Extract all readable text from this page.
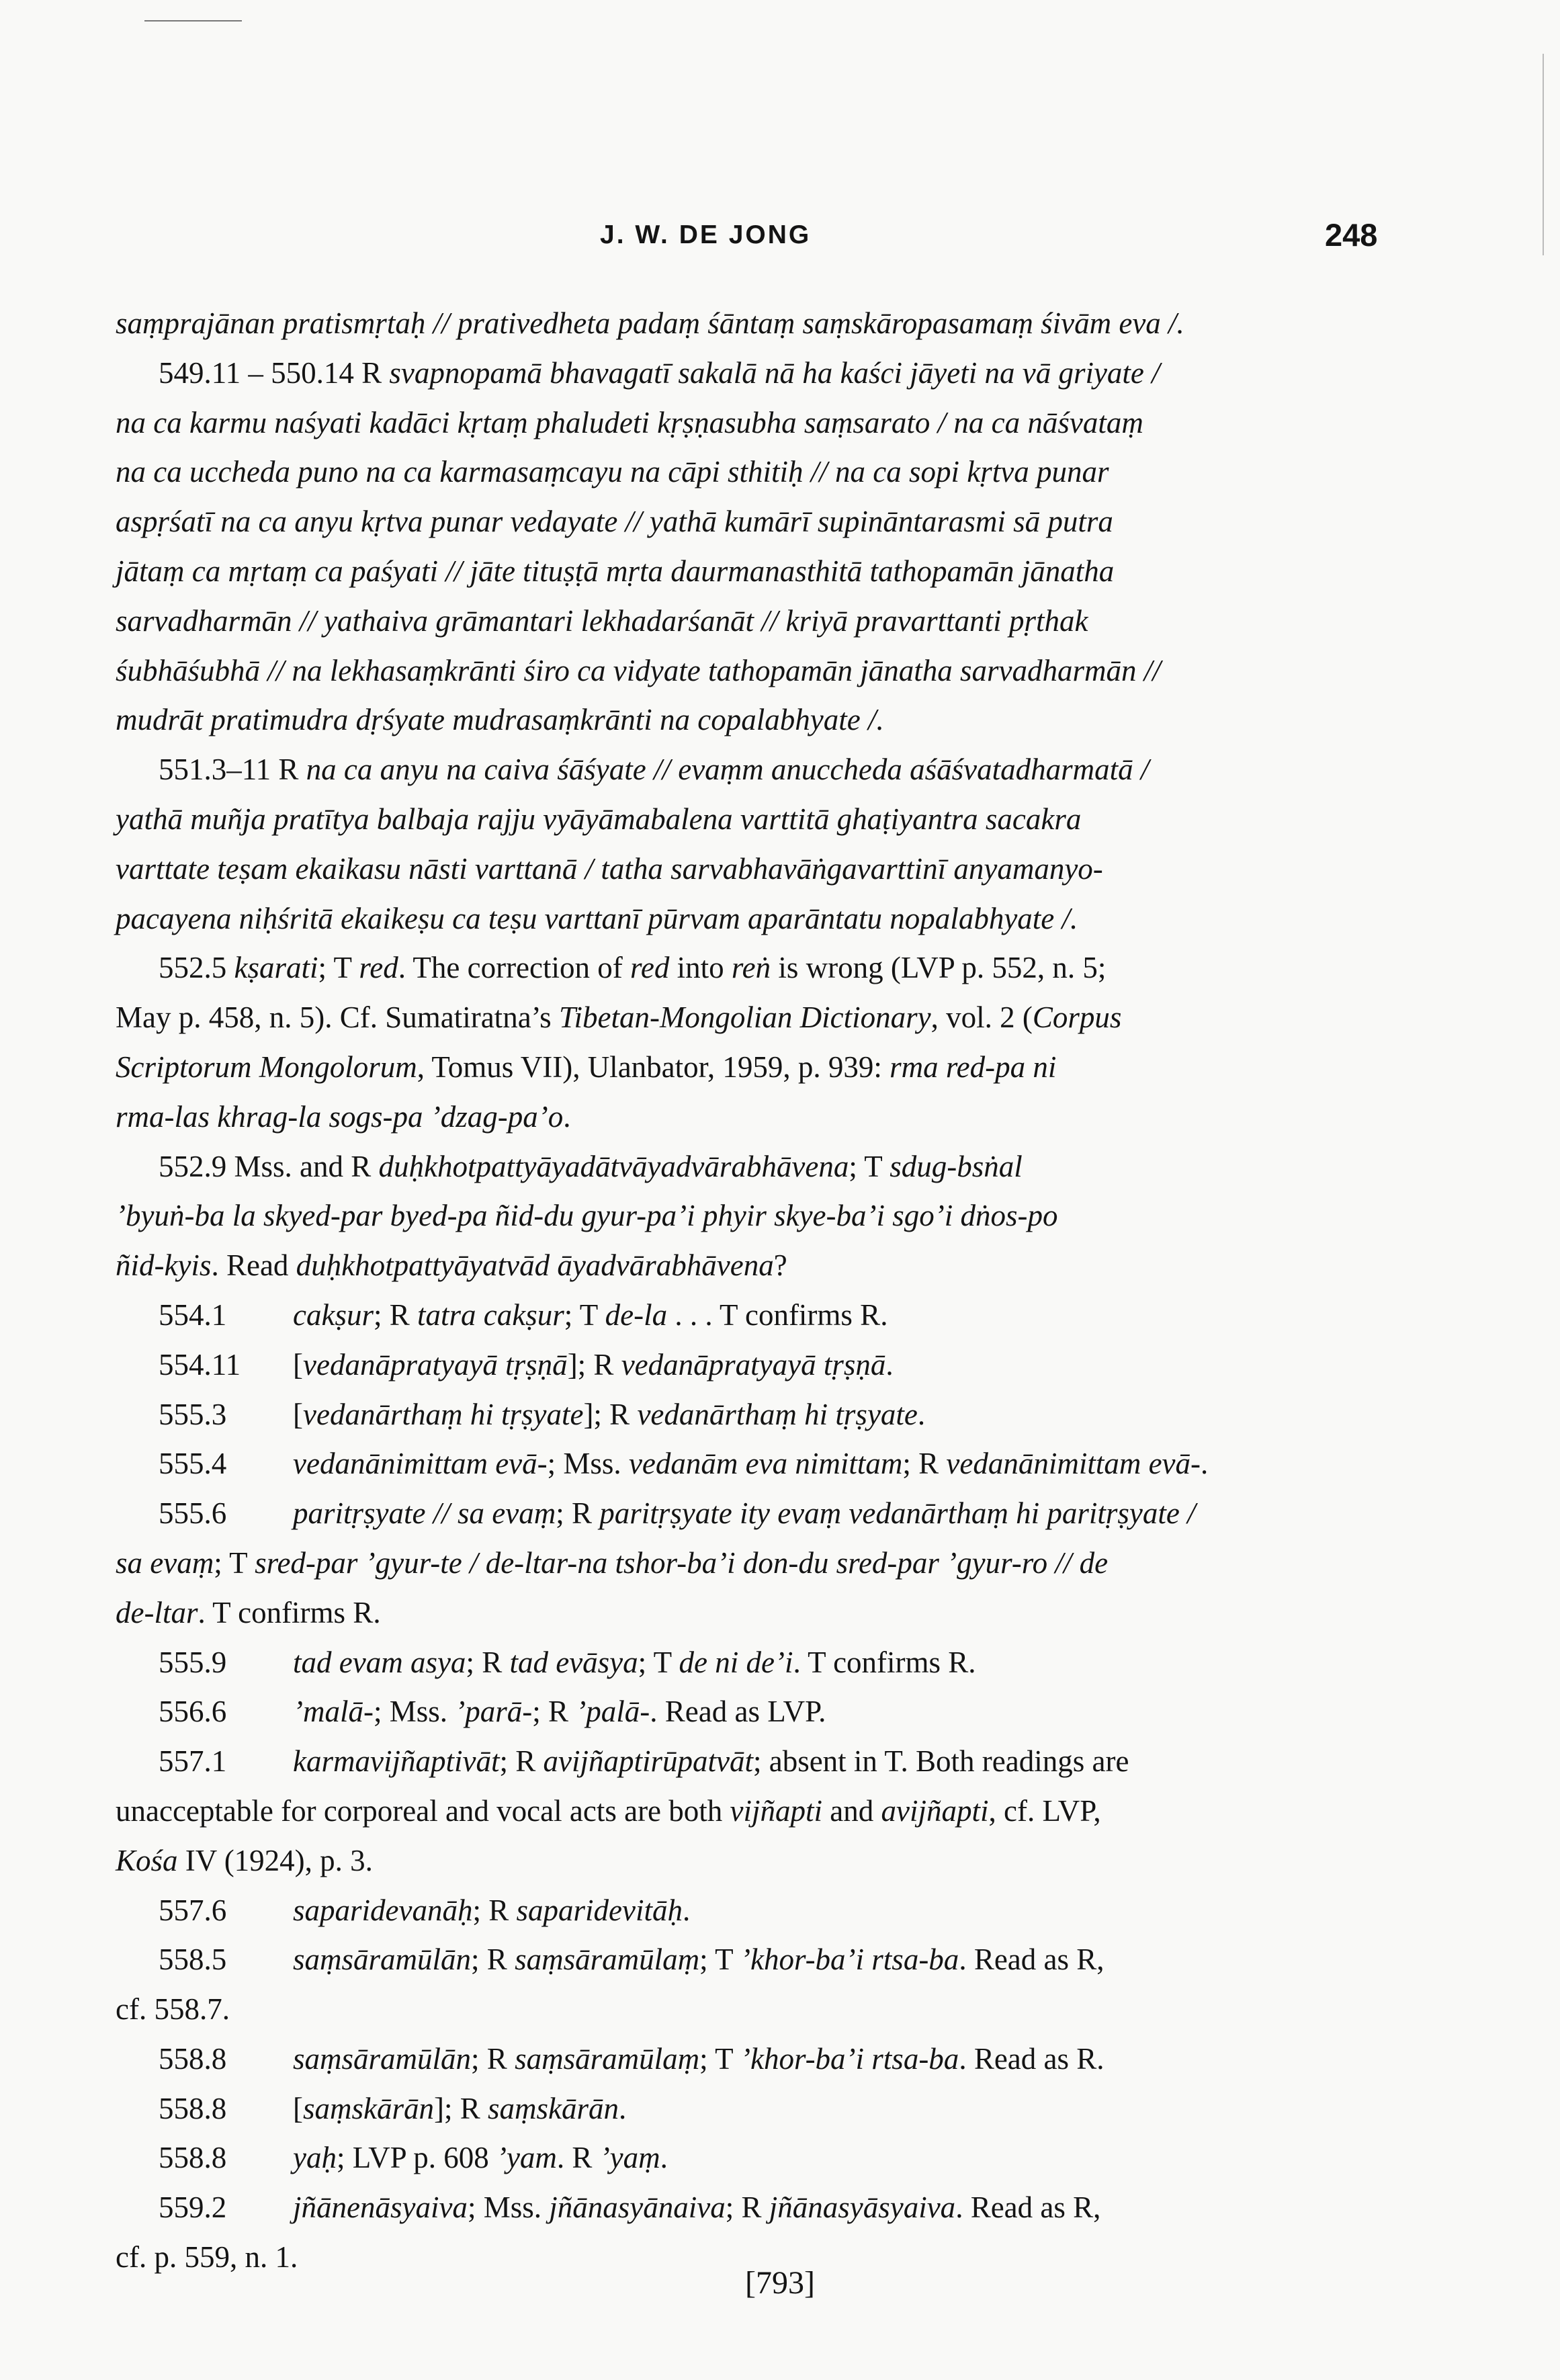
J. W. DE JONG	248
saṃprajānan pratismṛtaḥ // prativedheta padaṃ śāntaṃ saṃskāropasamaṃ śivām eva /.
549.11 – 550.14 R svapnopamā bhavagatī sakalā nā ha kaści jāyeti na vā griyate /
na ca karmu naśyati kadāci kṛtaṃ phaludeti kṛṣṇasubha saṃsarato / na ca nāśvataṃ
na ca uccheda puno na ca karmasaṃcayu na cāpi sthitiḥ // na ca sopi kṛtva punar
aspṛśatī na ca anyu kṛtva punar vedayate // yathā kumārī supināntarasmi sā putra
jātaṃ ca mṛtaṃ ca paśyati // jāte tituṣṭā mṛta daurmanasthitā tathopamān jānatha
sarvadharmān // yathaiva grāmantari lekhadarśanāt // kriyā pravarttanti pṛthak
śubhāśubhā // na lekhasaṃkrānti śiro ca vidyate tathopamān jānatha sarvadharmān //
mudrāt pratimudra dṛśyate mudrasaṃkrānti na copalabhyate /.
551.3–11 R na ca anyu na caiva śāśyate // evaṃm anuccheda aśāśvatadharmatā /
yathā muñja pratītya balbaja rajju vyāyāmabalena varttitā ghaṭiyantra sacakra
varttate teṣam ekaikasu nāsti varttanā / tatha sarvabhavāṅgavarttinī anyamanyo-
pacayena niḥśritā ekaikeṣu ca teṣu varttanī pūrvam aparāntatu nopalabhyate /.
552.5 kṣarati; T red. The correction of red into reṅ is wrong (LVP p. 552, n. 5;
May p. 458, n. 5). Cf. Sumatiratna’s Tibetan-Mongolian Dictionary, vol. 2 (Corpus
Scriptorum Mongolorum, Tomus VII), Ulanbator, 1959, p. 939: rma red-pa ni
rma-las khrag-la sogs-pa ’dzag-pa’o.
552.9 Mss. and R duḥkhotpattyāyadātvāyadvārabhāvena; T sdug-bsṅal
’byuṅ-ba la skyed-par byed-pa ñid-du gyur-pa’i phyir skye-ba’i sgo’i dṅos-po
ñid-kyis. Read duḥkhotpattyāyatvād āyadvārabhāvena?
554.1 cakṣur; R tatra cakṣur; T de-la . . . T confirms R.
554.11 [vedanāpratyayā tṛṣṇā]; R vedanāpratyayā tṛṣṇā.
555.3 [vedanārthaṃ hi tṛṣyate]; R vedanārthaṃ hi tṛṣyate.
555.4 vedanānimittam evā-; Mss. vedanām eva nimittam; R vedanānimittam evā-.
555.6 paritṛṣyate // sa evaṃ; R paritṛṣyate ity evaṃ vedanārthaṃ hi paritṛṣyate /
sa evaṃ; T sred-par ’gyur-te / de-ltar-na tshor-ba’i don-du sred-par ’gyur-ro // de
de-ltar. T confirms R.
555.9 tad evam asya; R tad evāsya; T de ni de’i. T confirms R.
556.6 ’malā-; Mss. ’parā-; R ’palā-. Read as LVP.
557.1 karmavijñaptivāt; R avijñaptirūpatvāt; absent in T. Both readings are
unacceptable for corporeal and vocal acts are both vijñapti and avijñapti, cf. LVP,
Kośa IV (1924), p. 3.
557.6 saparidevanāḥ; R saparidevitāḥ.
558.5 saṃsāramūlān; R saṃsāramūlaṃ; T ’khor-ba’i rtsa-ba. Read as R,
cf. 558.7.
558.8 saṃsāramūlān; R saṃsāramūlaṃ; T ’khor-ba’i rtsa-ba. Read as R.
558.8 [saṃskārān]; R saṃskārān.
558.8 yaḥ; LVP p. 608 ’yam. R ’yaṃ.
559.2 jñānenāsyaiva; Mss. jñānasyānaiva; R jñānasyāsyaiva. Read as R,
cf. p. 559, n. 1.
[793]
